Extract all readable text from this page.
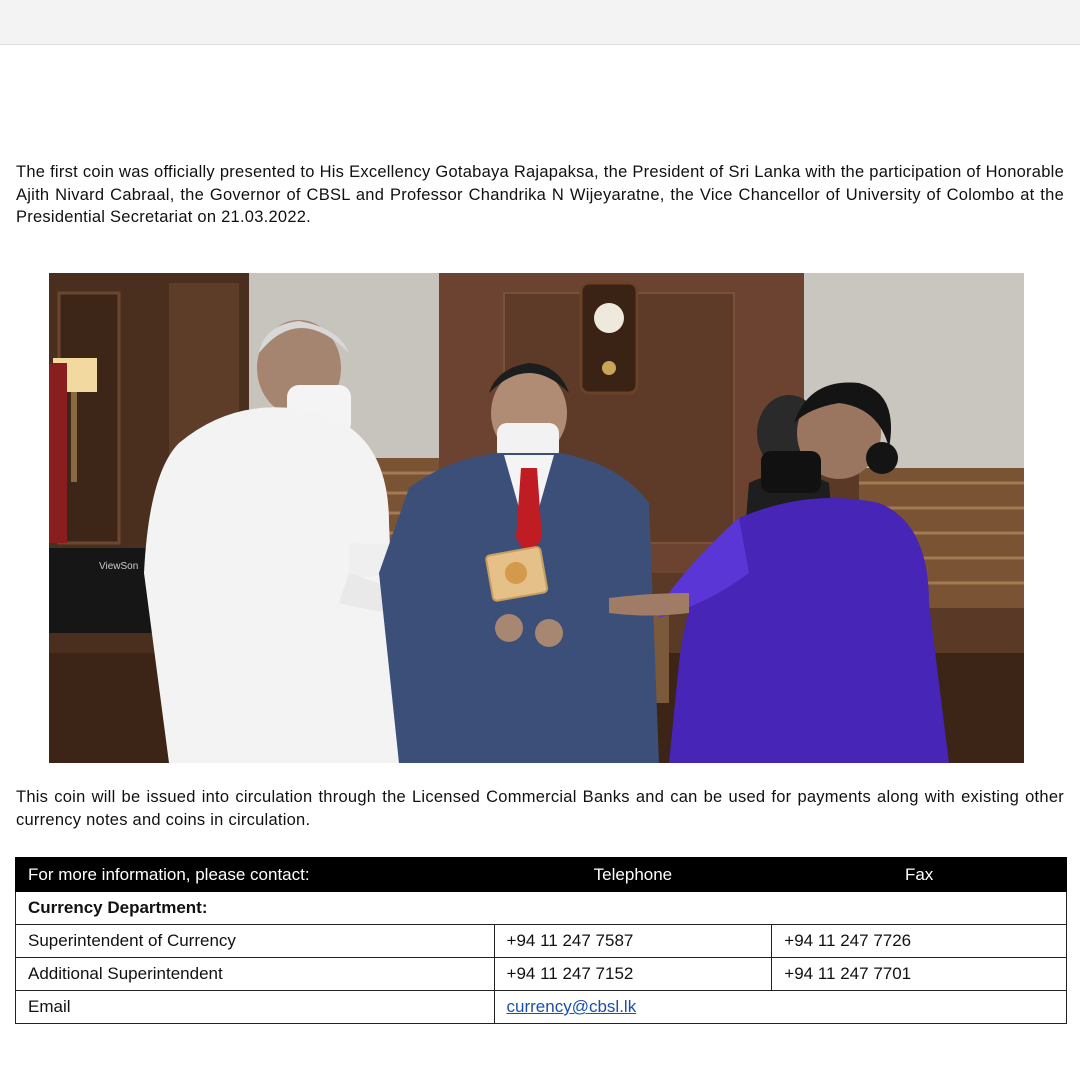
The first coin was officially presented to His Excellency Gotabaya Rajapaksa, the President of Sri Lanka with the participation of Honorable Ajith Nivard Cabraal, the Governor of CBSL and Professor Chandrika N Wijeyaratne, the Vice Chancellor of University of Colombo at the Presidential Secretariat on 21.03.2022.

ViewSon

This coin will be issued into circulation through the Licensed Commercial Banks and can be used for payments along with existing other currency notes and coins in circulation.

For more information, please contact:	Telephone	Fax
Currency Department:		
Superintendent of Currency	+94 11 247 7587	+94 11 247 7726
Additional Superintendent	+94 11 247 7152	+94 11 247 7701
Email	currency@cbsl.lk	
